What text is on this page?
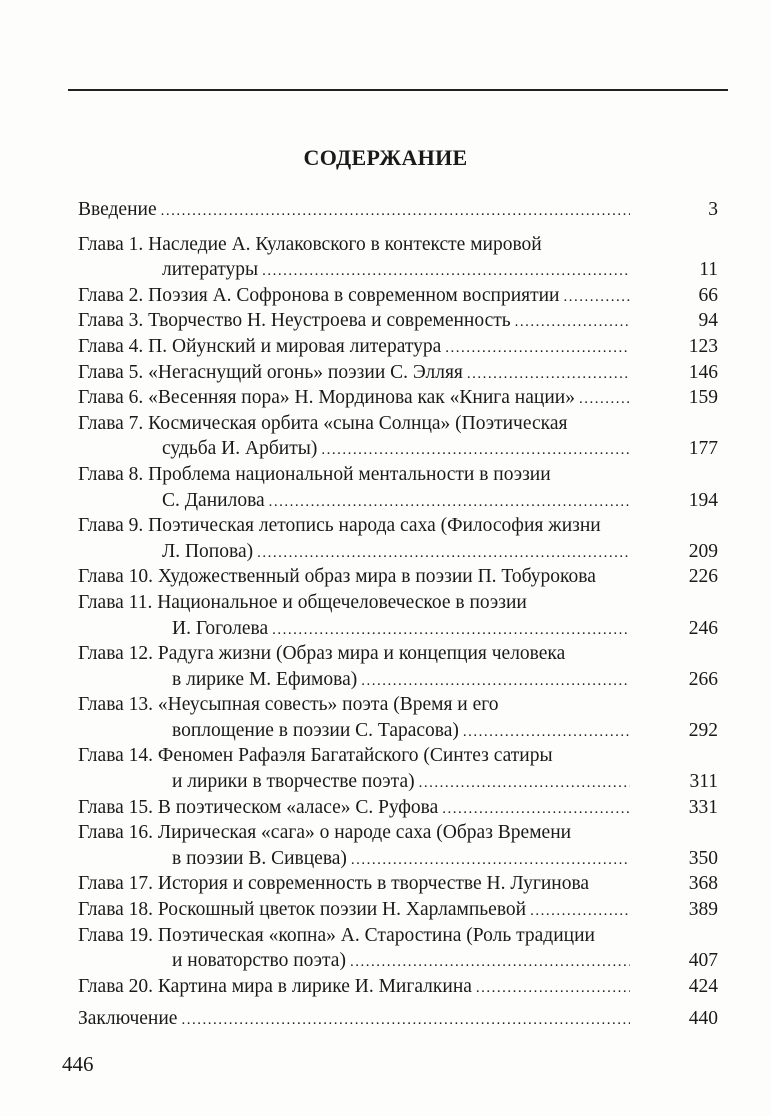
СОДЕРЖАНИЕ
Введение .....	3
Глава 1. Наследие А. Кулаковского в контексте мировой
литературы .....	11
Глава 2. Поэзия А. Софронова в современном восприятии .....	66
Глава 3. Творчество Н. Неустроева и современность .....	94
Глава 4. П. Ойунский и мировая литература .....	123
Глава 5. «Негаснущий огонь» поэзии С. Элляя .....	146
Глава 6. «Весенняя пора» Н. Мординова как «Книга нации» .....	159
Глава 7. Космическая орбита «сына Солнца» (Поэтическая
судьба И. Арбиты) .....	177
Глава 8. Проблема национальной ментальности в поэзии
С. Данилова .....	194
Глава 9. Поэтическая летопись народа саха (Философия жизни
Л. Попова) .....	209
Глава 10. Художественный образ мира в поэзии П. Тобурокова	226
Глава 11. Национальное и общечеловеческое в поэзии
И. Гоголева .....	246
Глава 12. Радуга жизни (Образ мира и концепция человека
в лирике М. Ефимова) .....	266
Глава 13. «Неусыпная совесть» поэта (Время и его
воплощение в поэзии С. Тарасова) .....	292
Глава 14. Феномен Рафаэля Багатайского (Синтез сатиры
и лирики в творчестве поэта) .....	311
Глава 15. В поэтическом «аласе» С. Руфова .....	331
Глава 16. Лирическая «сага» о народе саха (Образ Времени
в поэзии В. Сивцева) .....	350
Глава 17. История и современность в творчестве Н. Лугинова	368
Глава 18. Роскошный цветок поэзии Н. Харлампьевой .....	389
Глава 19. Поэтическая «копна» А. Старостина (Роль традиции
и новаторство поэта) .....	407
Глава 20. Картина мира в лирике И. Мигалкина .....	424
Заключение .....	440
446
